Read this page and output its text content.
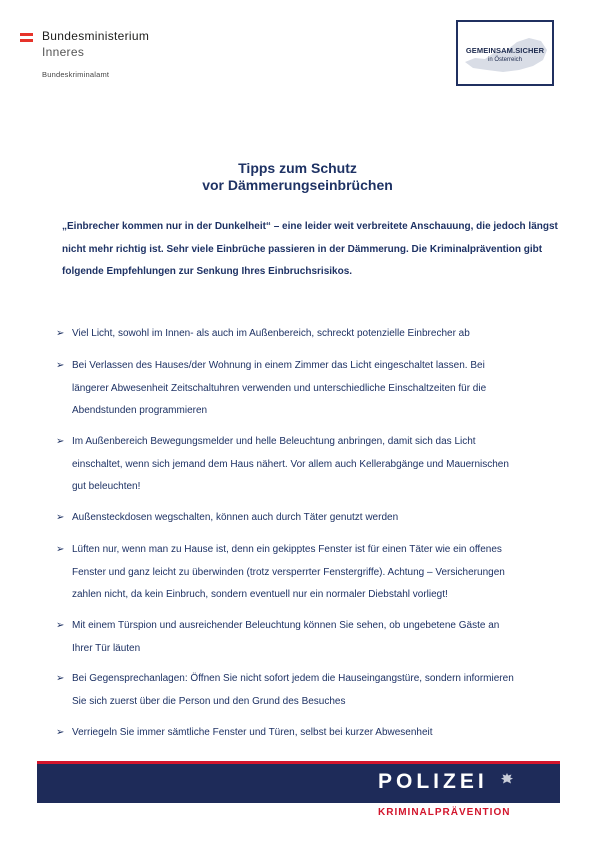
Bundesministerium
Inneres
Bundeskriminalamt
GEMEINSAM.SICHER
in Österreich
Tipps zum Schutz
vor Dämmerungseinbrüchen
„Einbrecher kommen nur in der Dunkelheit“ – eine leider weit verbreitete Anschauung, die jedoch längst
nicht mehr richtig ist. Sehr viele Einbrüche passieren in der Dämmerung. Die Kriminalprävention gibt
folgende Empfehlungen zur Senkung Ihres Einbruchsrisikos.
➢ Viel Licht, sowohl im Innen- als auch im Außenbereich, schreckt potenzielle Einbrecher ab
➢ Bei Verlassen des Hauses/der Wohnung in einem Zimmer das Licht eingeschaltet lassen. Bei
längerer Abwesenheit Zeitschaltuhren verwenden und unterschiedliche Einschaltzeiten für die
Abendstunden programmieren
➢ Im Außenbereich Bewegungsmelder und helle Beleuchtung anbringen, damit sich das Licht
einschaltet, wenn sich jemand dem Haus nähert. Vor allem auch Kellerabgänge und Mauernischen
gut beleuchten!
➢ Außensteckdosen wegschalten, können auch durch Täter genutzt werden
➢ Lüften nur, wenn man zu Hause ist, denn ein gekipptes Fenster ist für einen Täter wie ein offenes
Fenster und ganz leicht zu überwinden (trotz versperrter Fenstergriffe). Achtung – Versicherungen
zahlen nicht, da kein Einbruch, sondern eventuell nur ein normaler Diebstahl vorliegt!
➢ Mit einem Türspion und ausreichender Beleuchtung können Sie sehen, ob ungebetene Gäste an
Ihrer Tür läuten
➢ Bei Gegensprechanlagen: Öffnen Sie nicht sofort jedem die Hauseingangstüre, sondern informieren
Sie sich zuerst über die Person und den Grund des Besuches
➢ Verriegeln Sie immer sämtliche Fenster und Türen, selbst bei kurzer Abwesenheit
POLIZEI
KRIMINALPRÄVENTION
